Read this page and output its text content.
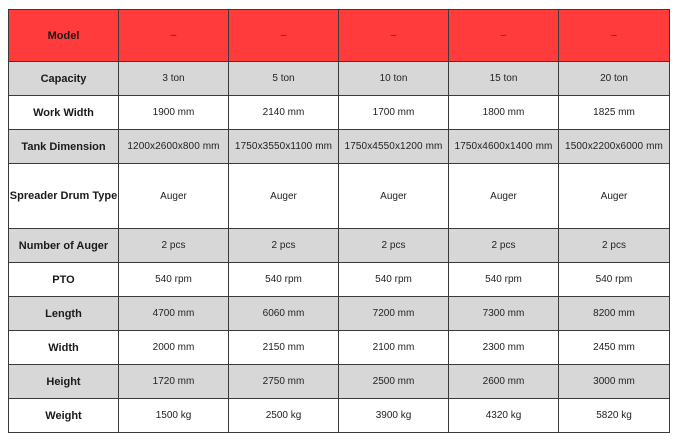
Model	–	–	–	–	–
Capacity	3 ton	5 ton	10 ton	15 ton	20 ton
Work Width	1900 mm	2140 mm	1700 mm	1800 mm	1825 mm
Tank Dimension	1200x2600x800 mm	1750x3550x1100 mm	1750x4550x1200 mm	1750x4600x1400 mm	1500x2200x6000 mm
Spreader Drum Type	Auger	Auger	Auger	Auger	Auger
Number of Auger	2 pcs	2 pcs	2 pcs	2 pcs	2 pcs
PTO	540 rpm	540 rpm	540 rpm	540 rpm	540 rpm
Length	4700 mm	6060 mm	7200 mm	7300 mm	8200 mm
Width	2000 mm	2150 mm	2100 mm	2300 mm	2450 mm
Height	1720 mm	2750 mm	2500 mm	2600 mm	3000 mm
Weight	1500 kg	2500 kg	3900 kg	4320 kg	5820 kg
